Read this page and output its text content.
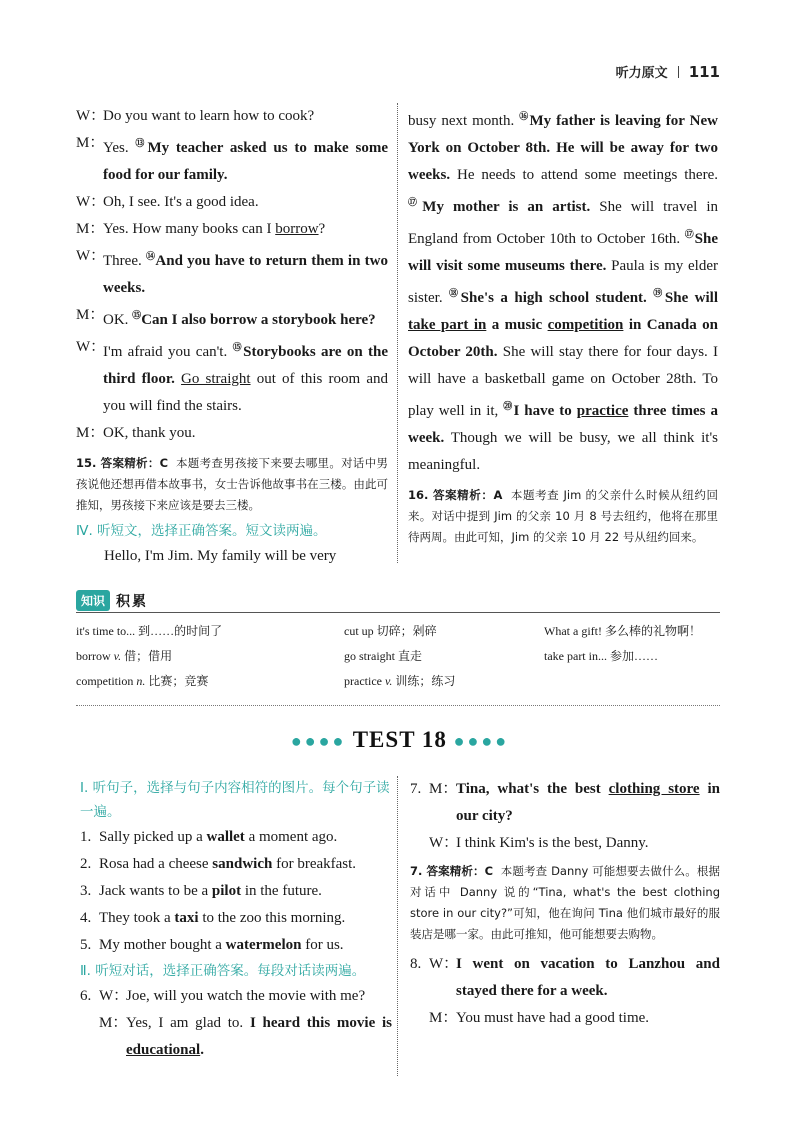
听力原文 111
W：
Do you want to learn how to cook?
M：
Yes. ⑬My teacher asked us to make some food for our family.
W：
Oh, I see. It's a good idea.
M：
Yes. How many books can I borrow?
W：
Three. ⑭And you have to return them in two weeks.
M：
OK. ⑮Can I also borrow a storybook here?
W：
I'm afraid you can't. ⑮Storybooks are on the third floor. Go straight out of this room and you will find the stairs.
M：
OK, thank you.

15. 答案精析：C 本题考查男孩接下来要去哪里。对话中男孩说他还想再借本故事书，女士告诉他故事书在三楼。由此可推知，男孩接下来应该是要去三楼。

Ⅳ. 听短文，选择正确答案。短文读两遍。

Hello, I'm Jim. My family will be very

busy next month. ⑯My father is leaving for New York on October 8th. He will be away for two weeks. He needs to attend some meetings there. ⑰My mother is an artist. She will travel in England from October 10th to October 16th. ⑰She will visit some museums there. Paula is my elder sister. ⑱She's a high school student. ⑲She will take part in a music competition in Canada on October 20th. She will stay there for four days. I will have a basketball game on October 28th. To play well in it, ⑳I have to practice three times a week. Though we will be busy, we all think it's meaningful.

16. 答案精析：A 本题考查 Jim 的父亲什么时候从纽约回来。对话中提到 Jim 的父亲 10 月 8 号去纽约，他将在那里待两周。由此可知，Jim 的父亲 10 月 22 号从纽约回来。

知识 积累
it's time to... 到……的时间了	cut up 切碎；剁碎	What a gift! 多么棒的礼物啊！
borrow v. 借；借用	go straight 直走	take part in... 参加……
competition n. 比赛；竞赛	practice v. 训练；练习
●●●● TEST 18 ●●●●

Ⅰ. 听句子，选择与句子内容相符的图片。每个句子读一遍。

1. Sally picked up a wallet a moment ago.
2. Rosa had a cheese sandwich for breakfast.
3. Jack wants to be a pilot in the future.
4. They took a taxi to the zoo this morning.
5. My mother bought a watermelon for us.

Ⅱ. 听短对话，选择正确答案。每段对话读两遍。

6. W：
Joe, will you watch the movie with me?
M：
Yes, I am glad to. I heard this movie is educational.
7. M：
Tina, what's the best clothing store in our city?
W：
I think Kim's is the best, Danny.

7. 答案精析：C 本题考查 Danny 可能想要去做什么。根据对话中 Danny 说的“Tina, what's the best clothing store in our city?”可知，他在询问 Tina 他们城市最好的服装店是哪一家。由此可推知，他可能想要去购物。

8. W：
I went on vacation to Lanzhou and stayed there for a week.
M：
You must have had a good time.
